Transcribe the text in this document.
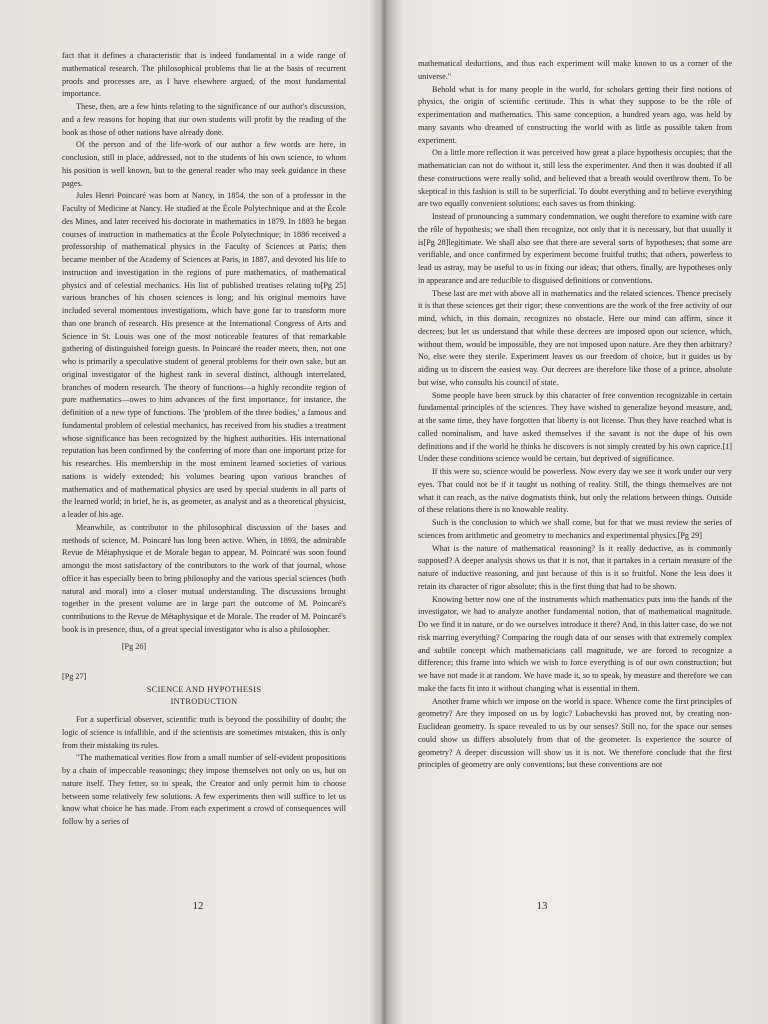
fact that it defines a characteristic that is indeed fundamental in a wide range of mathematical research. The philosophical problems that lie at the basis of recurrent proofs and processes are, as I have elsewhere argued, of the most fundamental importance.

These, then, are a few hints relating to the significance of our author's discussion, and a few reasons for hoping that our own students will profit by the reading of the book as those of other nations have already done.

Of the person and of the life-work of our author a few words are here, in conclusion, still in place, addressed, not to the students of his own science, to whom his position is well known, but to the general reader who may seek guidance in these pages.

Jules Henri Poincaré was born at Nancy, in 1854, the son of a professor in the Faculty of Medicine at Nancy. He studied at the École Polytechnique and at the École des Mines, and later received his doctorate in mathematics in 1879. In 1883 he began courses of instruction in mathematics at the École Polytechnique; in 1886 received a professorship of mathematical physics in the Faculty of Sciences at Paris; then became member of the Academy of Sciences at Paris, in 1887, and devoted his life to instruction and investigation in the regions of pure mathematics, of mathematical physics and of celestial mechanics. His list of published treatises relating to[Pg 25] various branches of his chosen sciences is long; and his original memoirs have included several momentous investigations, which have gone far to transform more than one branch of research. His presence at the International Congress of Arts and Science in St. Louis was one of the most noticeable features of that remarkable gathering of distinguished foreign guests. In Poincaré the reader meets, then, not one who is primarily a speculative student of general problems for their own sake, but an original investigator of the highest rank in several distinct, although interrelated, branches of modern research. The theory of functions—a highly recondite region of pure mathematics—owes to him advances of the first importance, for instance, the definition of a new type of functions. The 'problem of the three bodies,' a famous and fundamental problem of celestial mechanics, has received from his studies a treatment whose significance has been recognized by the highest authorities. His international reputation has been confirmed by the conferring of more than one important prize for his researches. His membership in the most eminent learned societies of various nations is widely extended; his volumes bearing upon various branches of mathematics and of mathematical physics are used by special students in all parts of the learned world; in brief, he is, as geometer, as analyst and as a theoretical physicist, a leader of his age.

Meanwhile, as contributor to the philosophical discussion of the bases and methods of science, M. Poincaré has long been active. When, in 1893, the admirable Revue de Métaphysique et de Morale began to appear, M. Poincaré was soon found amongst the most satisfactory of the contributors to the work of that journal, whose office it has especially been to bring philosophy and the various special sciences (both natural and moral) into a closer mutual understanding. The discussions brought together in the present volume are in large part the outcome of M. Poincaré's contributions to the Revue de Métaphysique et de Morale. The reader of M. Poincaré's book is in presence, thus, of a great special investigator who is also a philosopher.

[Pg 26]

[Pg 27]

SCIENCE AND HYPOTHESIS

INTRODUCTION

For a superficial observer, scientific truth is beyond the possibility of doubt; the logic of science is infallible, and if the scientists are sometimes mistaken, this is only from their mistaking its rules.

"The mathematical verities flow from a small number of self-evident propositions by a chain of impeccable reasonings; they impose themselves not only on us, but on nature itself. They fetter, so to speak, the Creator and only permit him to choose between some relatively few solutions. A few experiments then will suffice to let us know what choice he has made. From each experiment a crowd of consequences will follow by a series of

12

mathematical deductions, and thus each experiment will make known to us a corner of the universe."

Behold what is for many people in the world, for scholars getting their first notions of physics, the origin of scientific certitude. This is what they suppose to be the rôle of experimentation and mathematics. This same conception, a hundred years ago, was held by many savants who dreamed of constructing the world with as little as possible taken from experiment.

On a little more reflection it was perceived how great a place hypothesis occupies; that the mathematician can not do without it, still less the experimenter. And then it was doubted if all these constructions were really solid, and believed that a breath would overthrow them. To be skeptical in this fashion is still to be superficial. To doubt everything and to believe everything are two equally convenient solutions; each saves us from thinking.

Instead of pronouncing a summary condemnation, we ought therefore to examine with care the rôle of hypothesis; we shall then recognize, not only that it is necessary, but that usually it is[Pg 28]legitimate. We shall also see that there are several sorts of hypotheses; that some are verifiable, and once confirmed by experiment become fruitful truths; that others, powerless to lead us astray, may be useful to us in fixing our ideas; that others, finally, are hypotheses only in appearance and are reducible to disguised definitions or conventions.

These last are met with above all in mathematics and the related sciences. Thence precisely it is that these sciences get their rigor; these conventions are the work of the free activity of our mind, which, in this domain, recognizes no obstacle. Here our mind can affirm, since it decrees; but let us understand that while these decrees are imposed upon our science, which, without them, would be impossible, they are not imposed upon nature. Are they then arbitrary? No, else were they sterile. Experiment leaves us our freedom of choice, but it guides us by aiding us to discern the easiest way. Our decrees are therefore like those of a prince, absolute but wise, who consults his council of state.

Some people have been struck by this character of free convention recognizable in certain fundamental principles of the sciences. They have wished to generalize beyond measure, and, at the same time, they have forgotten that liberty is not license. Thus they have reached what is called nominalism, and have asked themselves if the savant is not the dupe of his own definitions and if the world he thinks he discovers is not simply created by his own caprice.[1] Under these conditions science would be certain, but deprived of significance.

If this were so, science would be powerless. Now every day we see it work under our very eyes. That could not be if it taught us nothing of reality. Still, the things themselves are not what it can reach, as the naïve dogmatists think, but only the relations between things. Outside of these relations there is no knowable reality.

Such is the conclusion to which we shall come, but for that we must review the series of sciences from arithmetic and geometry to mechanics and experimental physics.[Pg 29]

What is the nature of mathematical reasoning? Is it really deductive, as is commonly supposed? A deeper analysis shows us that it is not, that it partakes in a certain measure of the nature of inductive reasoning, and just because of this is it so fruitful. None the less does it retain its character of rigor absolute; this is the first thing that had to be shown.

Knowing better now one of the instruments which mathematics puts into the hands of the investigator, we had to analyze another fundamental notion, that of mathematical magnitude. Do we find it in nature, or do we ourselves introduce it there? And, in this latter case, do we not risk marring everything? Comparing the rough data of our senses with that extremely complex and subtile concept which mathematicians call magnitude, we are forced to recognize a difference; this frame into which we wish to force everything is of our own construction; but we have not made it at random. We have made it, so to speak, by measure and therefore we can make the facts fit into it without changing what is essential in them.

Another frame which we impose on the world is space. Whence come the first principles of geometry? Are they imposed on us by logic? Lobachevski has proved not, by creating non-Euclidean geometry. Is space revealed to us by our senses? Still no, for the space our senses could show us differs absolutely from that of the geometer. Is experience the source of geometry? A deeper discussion will show us it is not. We therefore conclude that the first principles of geometry are only conventions; but these conventions are not

13
